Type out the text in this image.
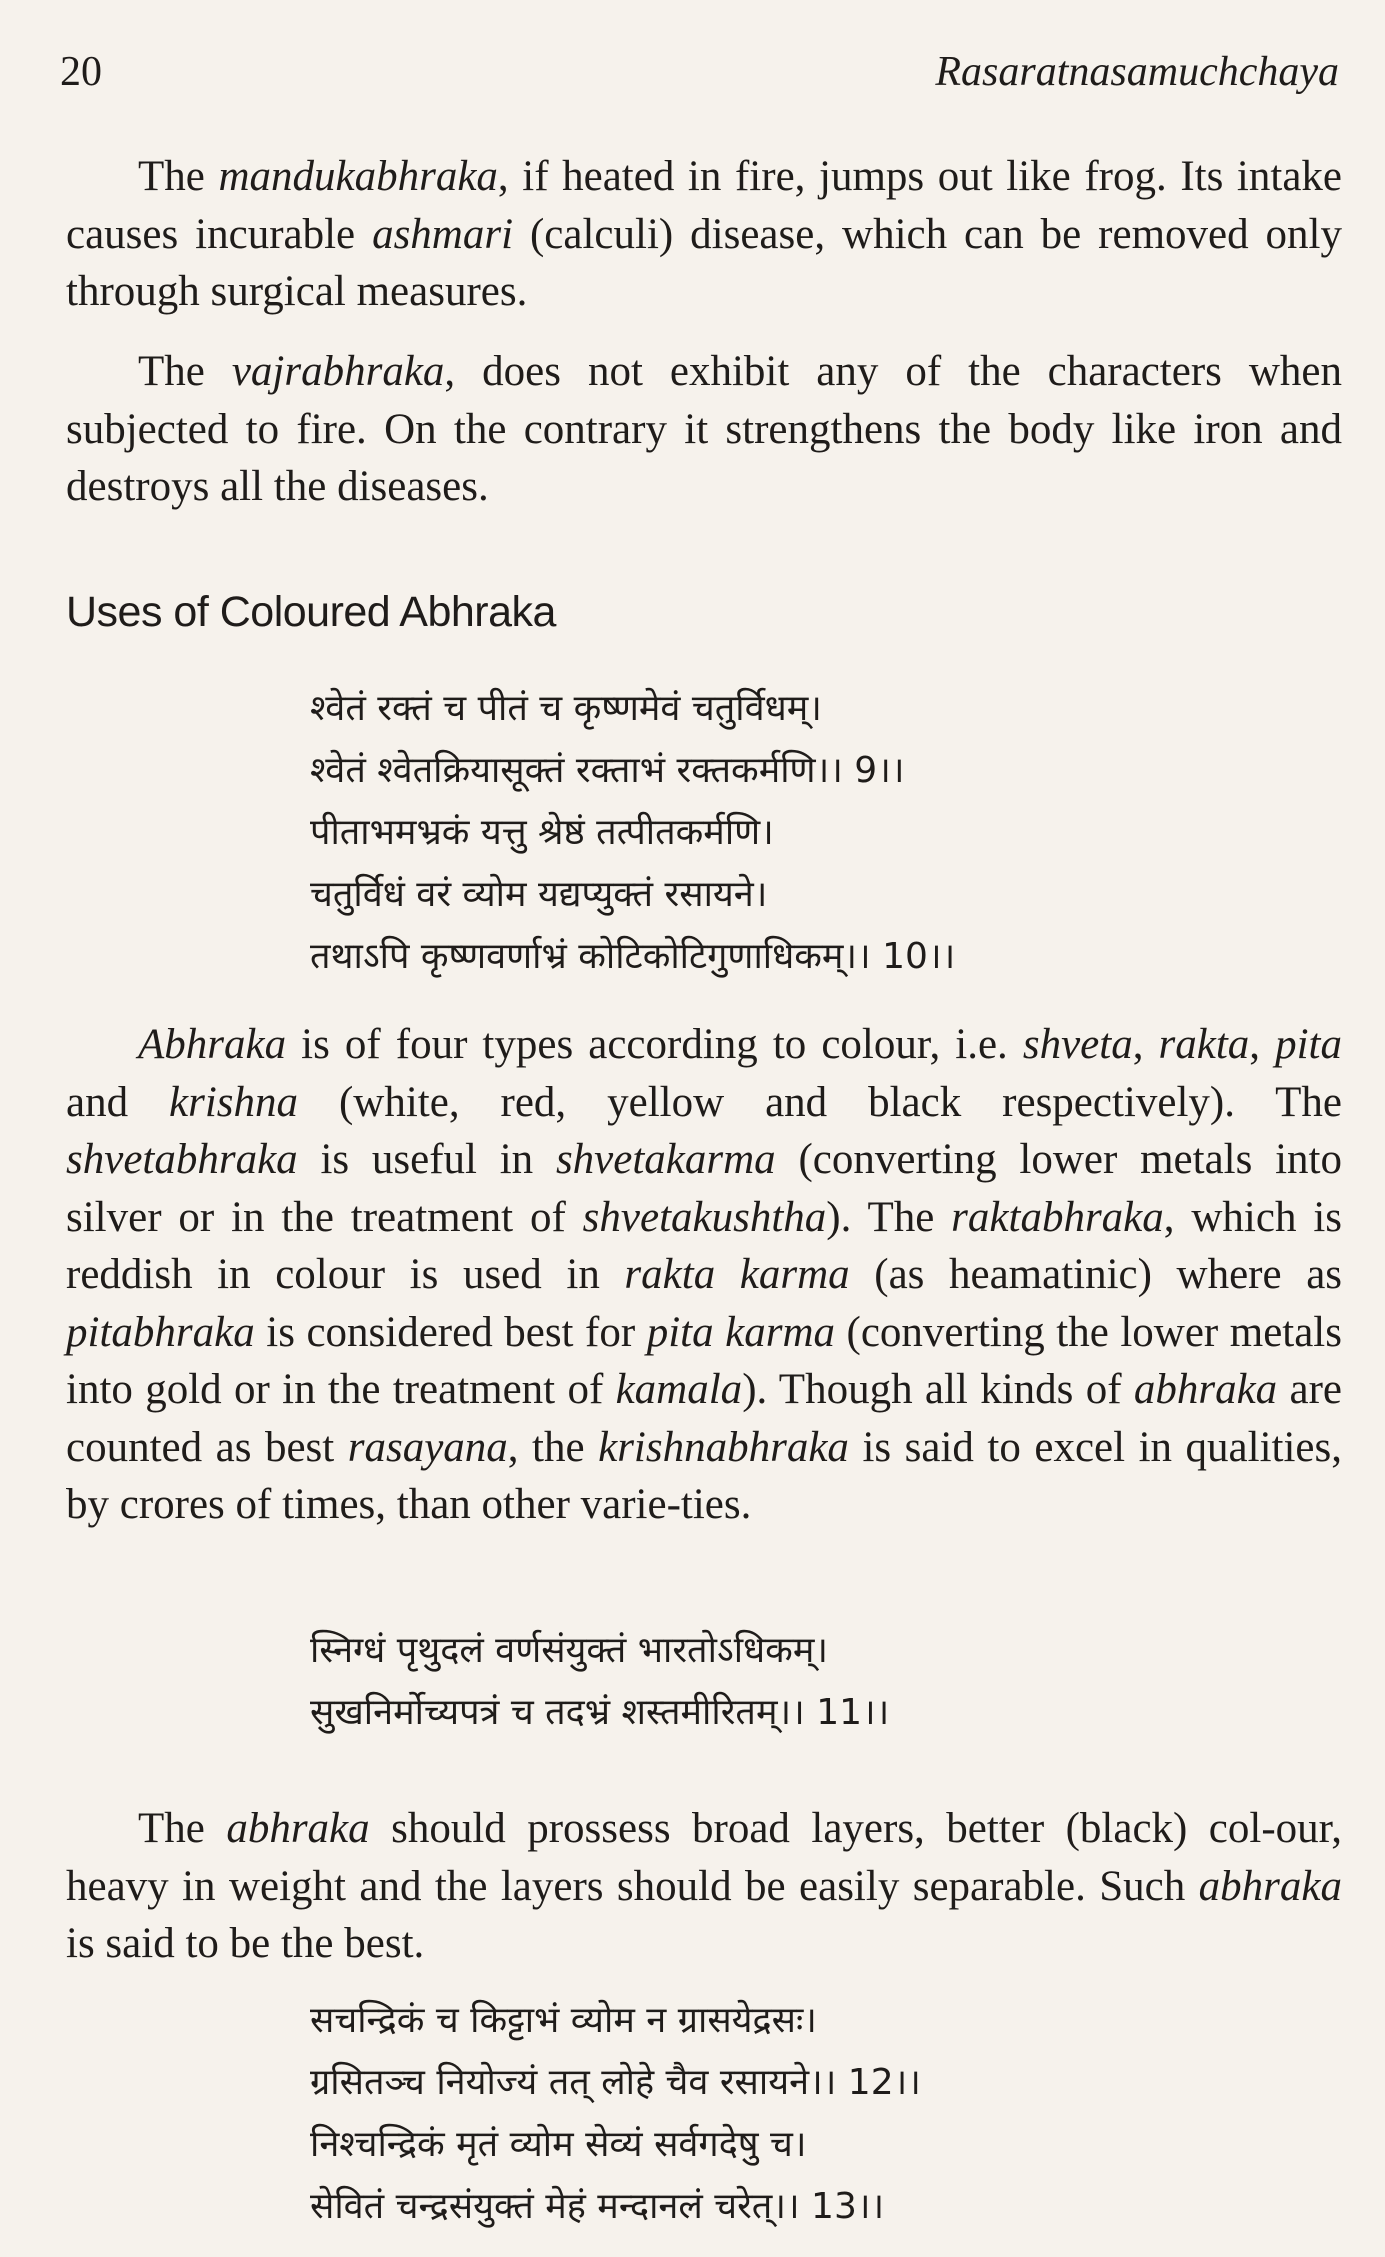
20	Rasaratnasamuchchaya

The mandukabhraka, if heated in fire, jumps out like frog. Its intake causes incurable ashmari (calculi) disease, which can be removed only through surgical measures.

The vajrabhraka, does not exhibit any of the characters when subjected to fire. On the contrary it strengthens the body like iron and destroys all the diseases.

Uses of Coloured Abhraka
श्वेतं रक्तं च पीतं च कृष्णमेवं चतुर्विधम्।
श्वेतं श्वेतक्रियासूक्तं रक्ताभं रक्तकर्मणि।। 9।।
पीताभमभ्रकं यत्तु श्रेष्ठं तत्पीतकर्मणि।
चतुर्विधं वरं व्योम यद्यप्युक्तं रसायने।
तथाऽपि कृष्णवर्णाभ्रं कोटिकोटिगुणाधिकम्।। 10।।

Abhraka is of four types according to colour, i.e. shveta, rakta, pita and krishna (white, red, yellow and black respectively). The shvetabhraka is useful in shvetakarma (converting lower metals into silver or in the treatment of shvetakushtha). The raktabhraka, which is reddish in colour is used in rakta karma (as heamatinic) where as pitabhraka is considered best for pita karma (converting the lower metals into gold or in the treatment of kamala). Though all kinds of abhraka are counted as best rasayana, the krishnabhraka is said to excel in qualities, by crores of times, than other varie-ties.

स्निग्धं पृथुदलं वर्णसंयुक्तं भारतोऽधिकम्।
सुखनिर्मोच्यपत्रं च तदभ्रं शस्तमीरितम्।। 11।।

The abhraka should prossess broad layers, better (black) col-our, heavy in weight and the layers should be easily separable. Such abhraka is said to be the best.

सचन्द्रिकं च किट्टाभं व्योम न ग्रासयेद्रसः।
ग्रसितञ्च नियोज्यं तत् लोहे चैव रसायने।। 12।।
निश्चन्द्रिकं मृतं व्योम सेव्यं सर्वगदेषु च।
सेवितं चन्द्रसंयुक्तं मेहं मन्दानलं चरेत्।। 13।।
